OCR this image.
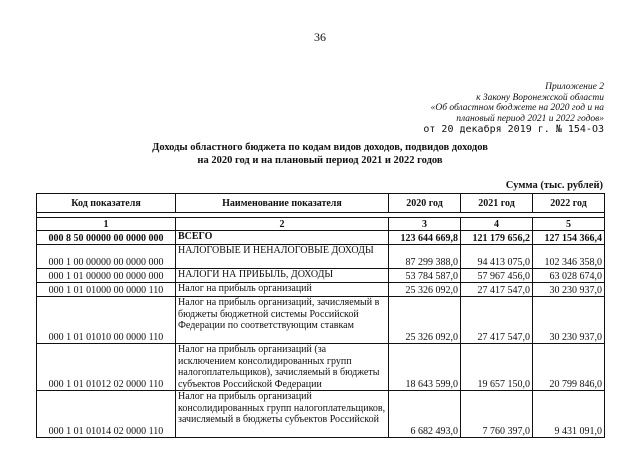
36
Приложение 2
к Закону Воронежской области
«Об областном бюджете на 2020 год и на
плановый период 2021 и 2022 годов»
от 20 декабря 2019 г. № 154-ОЗ
Доходы областного бюджета по кодам видов доходов, подвидов доходов
на 2020 год и на плановый период 2021 и 2022 годов
Сумма (тыс. рублей)
Код показателя	Наименование показателя	2020 год	2021 год	2022 год

1	2	3	4	5
000 8 50 00000 00 0000 000	ВСЕГО	123 644 669,8	121 179 656,2	127 154 366,4
000 1 00 00000 00 0000 000	НАЛОГОВЫЕ И НЕНАЛОГОВЫЕ ДОХОДЫ	87 299 388,0	94 413 075,0	102 346 358,0
000 1 01 00000 00 0000 000	НАЛОГИ НА ПРИБЫЛЬ, ДОХОДЫ	53 784 587,0	57 967 456,0	63 028 674,0
000 1 01 01000 00 0000 110	Налог на прибыль организаций	25 326 092,0	27 417 547,0	30 230 937,0
000 1 01 01010 00 0000 110	Налог на прибыль организаций, зачисляемый в бюджеты бюджетной системы Российской Федерации по соответствующим ставкам	25 326 092,0	27 417 547,0	30 230 937,0
000 1 01 01012 02 0000 110	Налог на прибыль организаций (за исключением консолидированных групп налогоплательщиков), зачисляемый в бюджеты субъектов Российской Федерации	18 643 599,0	19 657 150,0	20 799 846,0
000 1 01 01014 02 0000 110	Налог на прибыль организаций консолидированных групп налогоплательщиков, зачисляемый в бюджеты субъектов Российской	6 682 493,0	7 760 397,0	9 431 091,0
